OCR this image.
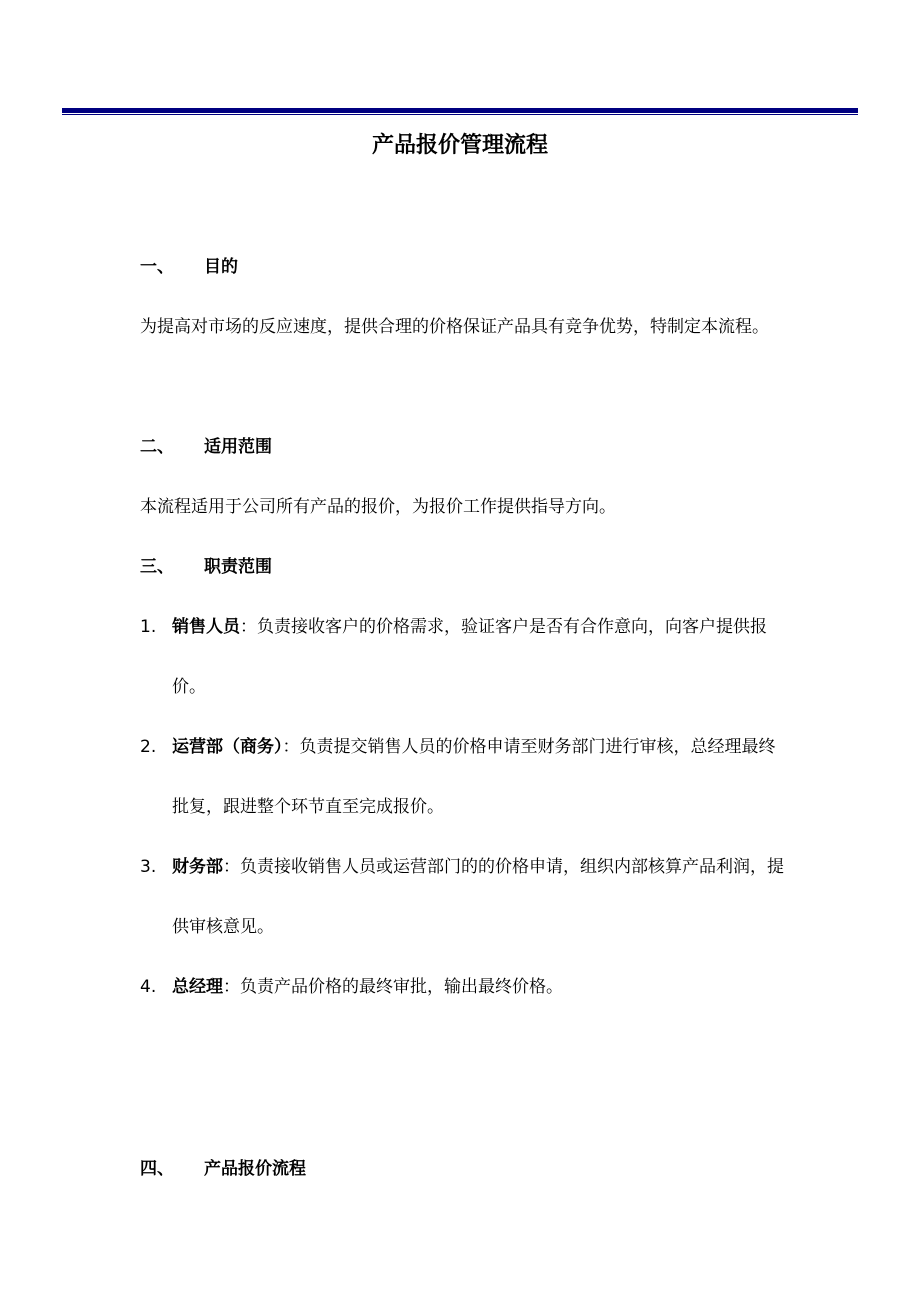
产品报价管理流程
一、 目的
为提高对市场的反应速度，提供合理的价格保证产品具有竞争优势，特制定本流程。
二、 适用范围
本流程适用于公司所有产品的报价，为报价工作提供指导方向。
三、 职责范围
1. 销售人员：负责接收客户的价格需求，验证客户是否有合作意向，向客户提供报价。
2. 运营部（商务）：负责提交销售人员的价格申请至财务部门进行审核，总经理最终批复，跟进整个环节直至完成报价。
3. 财务部：负责接收销售人员或运营部门的的价格申请，组织内部核算产品利润，提供审核意见。
4. 总经理：负责产品价格的最终审批，输出最终价格。
四、 产品报价流程
